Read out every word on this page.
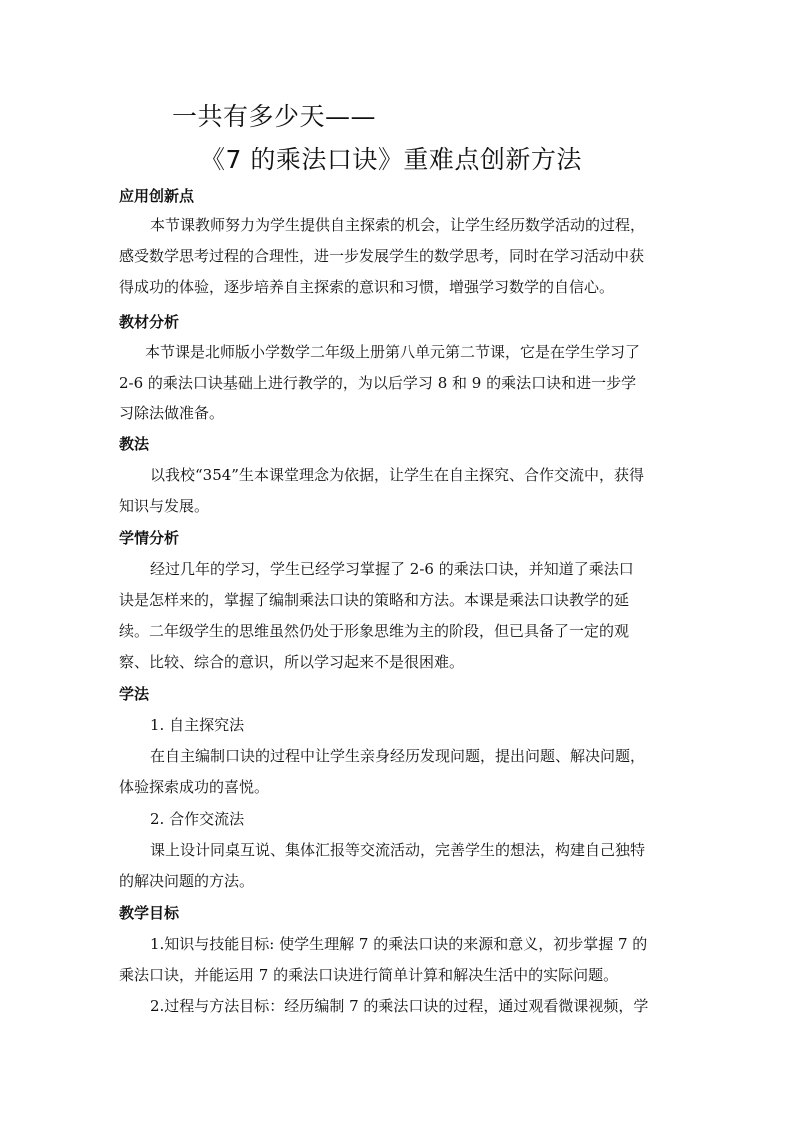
一共有多少天——
《7 的乘法口诀》重难点创新方法
应用创新点
本节课教师努力为学生提供自主探索的机会，让学生经历数学活动的过程，
感受数学思考过程的合理性，进一步发展学生的数学思考，同时在学习活动中获
得成功的体验，逐步培养自主探索的意识和习惯，增强学习数学的自信心。
教材分析
本节课是北师版小学数学二年级上册第八单元第二节课，它是在学生学习了
2-6 的乘法口诀基础上进行教学的，为以后学习 8 和 9 的乘法口诀和进一步学
习除法做准备。
教法
以我校“354”生本课堂理念为依据，让学生在自主探究、合作交流中，获得
知识与发展。
学情分析
经过几年的学习，学生已经学习掌握了 2-6 的乘法口诀，并知道了乘法口
诀是怎样来的，掌握了编制乘法口诀的策略和方法。本课是乘法口诀教学的延
续。二年级学生的思维虽然仍处于形象思维为主的阶段，但已具备了一定的观
察、比较、综合的意识，所以学习起来不是很困难。
学法
1. 自主探究法
在自主编制口诀的过程中让学生亲身经历发现问题，提出问题、解决问题，
体验探索成功的喜悦。
2. 合作交流法
课上设计同桌互说、集体汇报等交流活动，完善学生的想法，构建自己独特
的解决问题的方法。
教学目标
1.知识与技能目标: 使学生理解 7 的乘法口诀的来源和意义，初步掌握 7 的
乘法口诀，并能运用 7 的乘法口诀进行简单计算和解决生活中的实际问题。
2.过程与方法目标：经历编制 7 的乘法口诀的过程，通过观看微课视频，学
